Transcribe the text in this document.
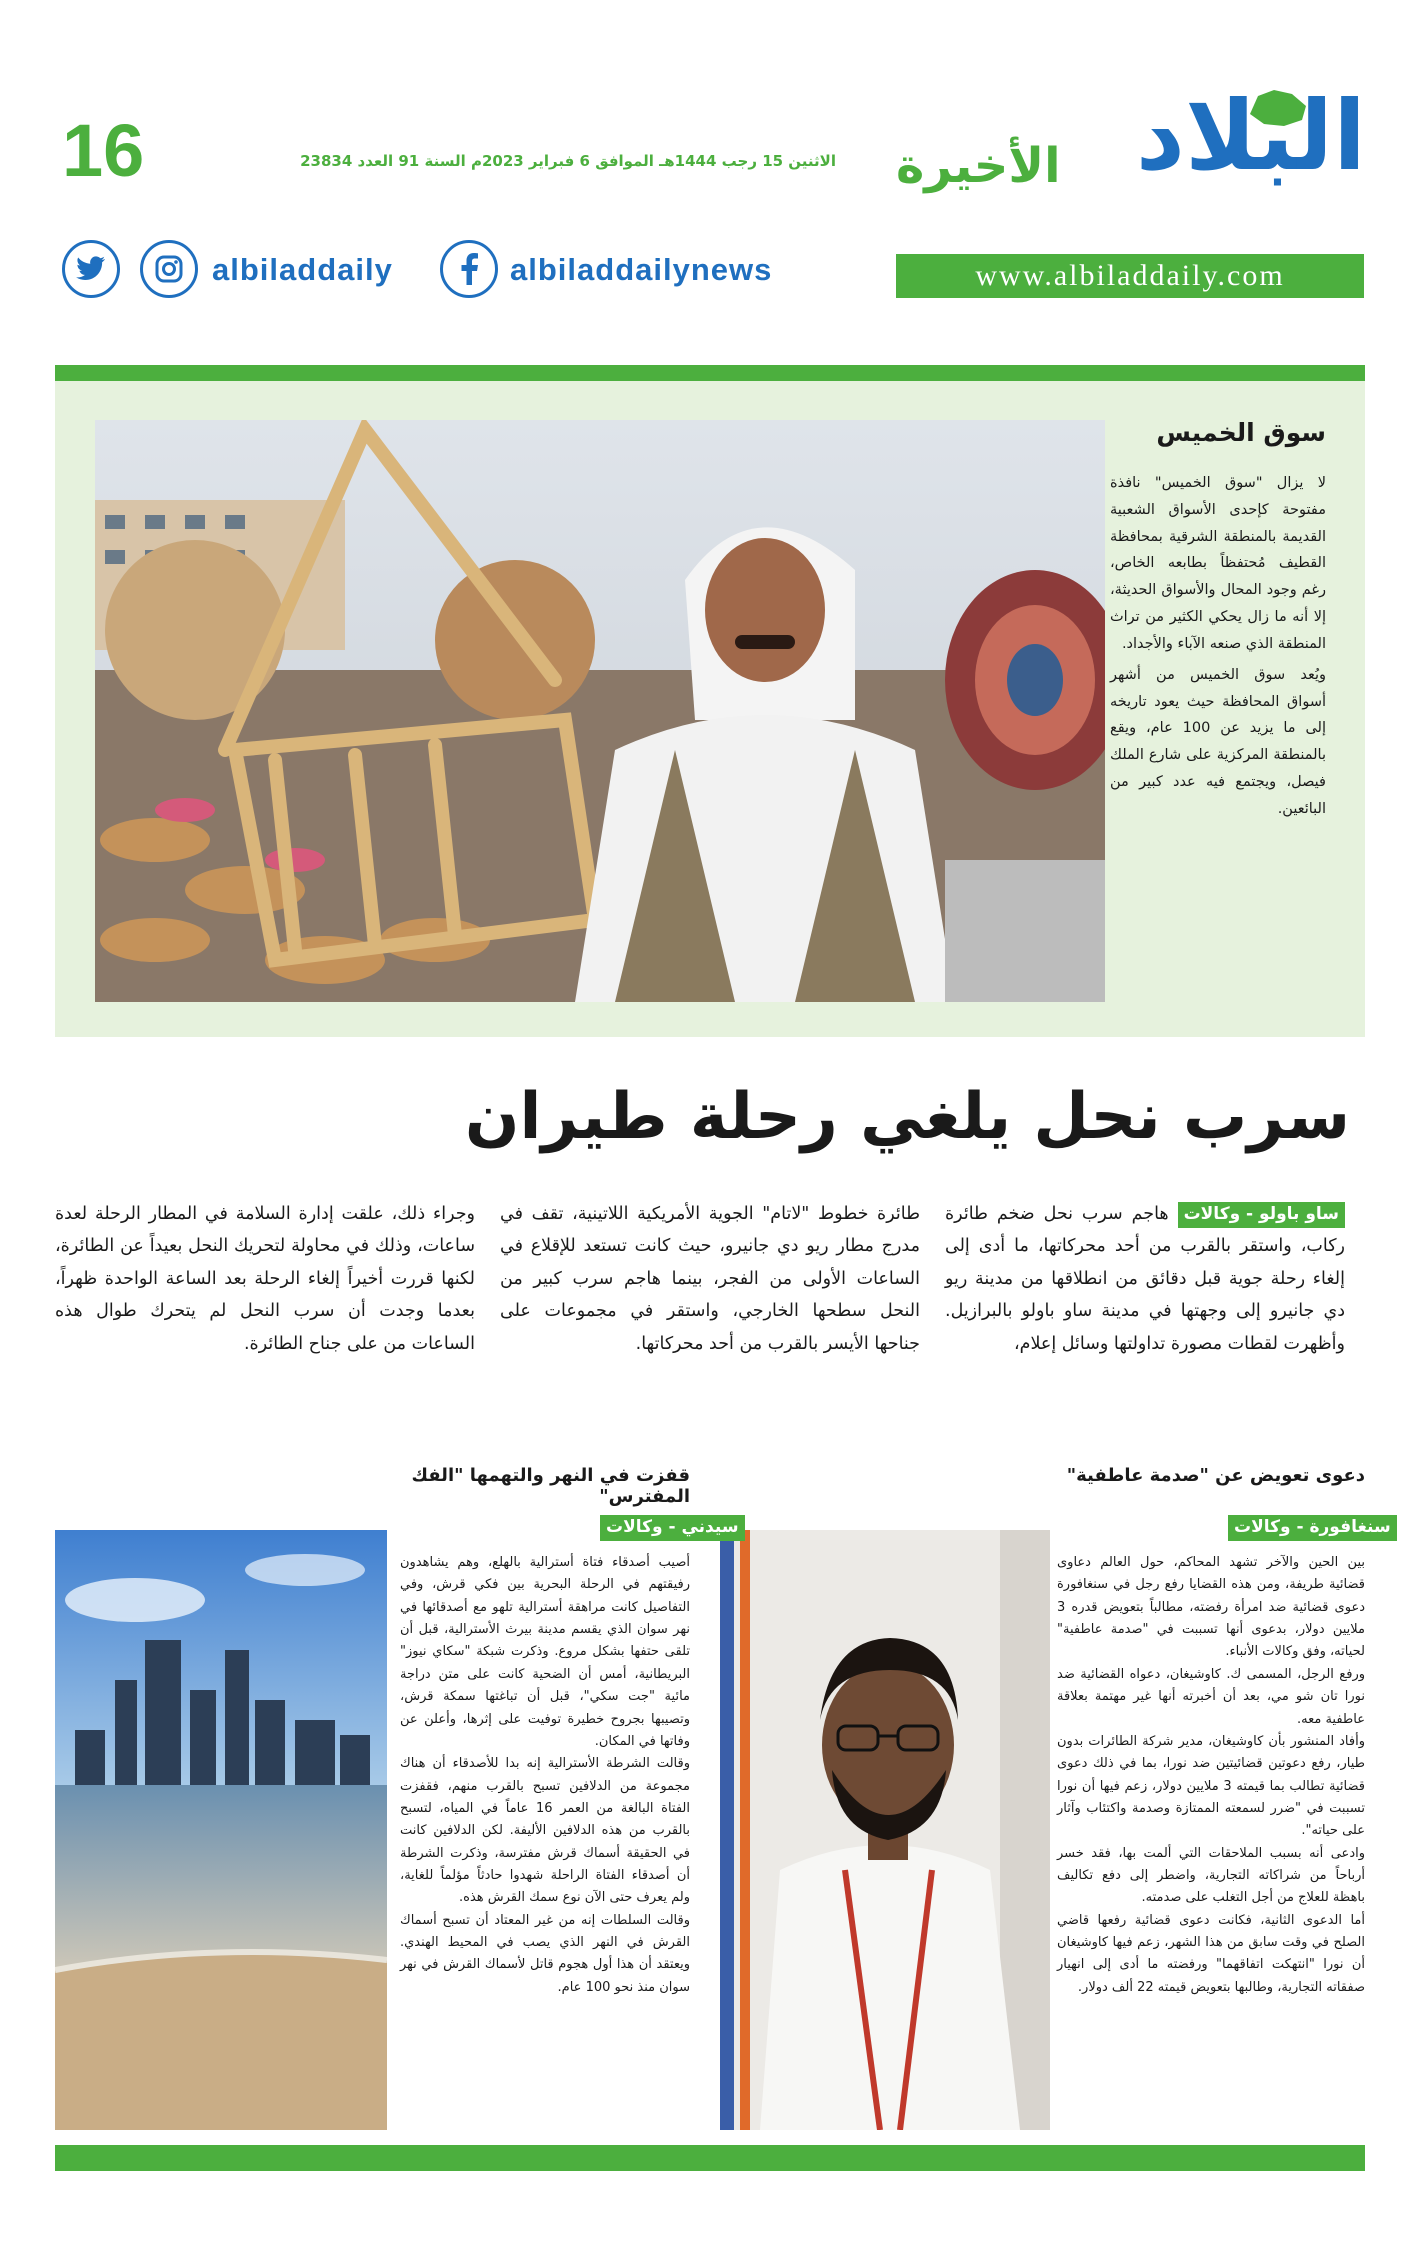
16	الاثنين 15 رجب 1444هـ الموافق 6 فبراير 2023م السنة 91 العدد 23834	البلاد
الأخيرة
www.albiladdaily.com
albiladdaily	albiladdailynews
سوق الخميس
لا يزال "سوق الخميس" نافذة مفتوحة كإحدى الأسواق الشعبية القديمة بالمنطقة الشرقية بمحافظة القطيف مُحتفظاً بطابعه الخاص، رغم وجود المحال والأسواق الحديثة، إلا أنه ما زال يحكي الكثير من تراث المنطقة الذي صنعه الآباء والأجداد.
ويُعد سوق الخميس من أشهر أسواق المحافظة حيث يعود تاريخه إلى ما يزيد عن 100 عام، ويقع بالمنطقة المركزية على شارع الملك فيصل، ويجتمع فيه عدد كبير من البائعين.
سرب نحل يلغي رحلة طيران
ساو باولو - وكالات هاجم سرب نحل ضخم طائرة ركاب، واستقر بالقرب من أحد محركاتها، ما أدى إلى إلغاء رحلة جوية قبل دقائق من انطلاقها من مدينة ريو دي جانيرو إلى وجهتها في مدينة ساو باولو بالبرازيل. وأظهرت لقطات مصورة تداولتها وسائل إعلام،
طائرة خطوط "لاتام" الجوية الأمريكية اللاتينية، تقف في مدرج مطار ريو دي جانيرو، حيث كانت تستعد للإقلاع في الساعات الأولى من الفجر، بينما هاجم سرب كبير من النحل سطحها الخارجي، واستقر في مجموعات على جناحها الأيسر بالقرب من أحد محركاتها.
وجراء ذلك، علقت إدارة السلامة في المطار الرحلة لعدة ساعات، وذلك في محاولة لتحريك النحل بعيداً عن الطائرة، لكنها قررت أخيراً إلغاء الرحلة بعد الساعة الواحدة ظهراً، بعدما وجدت أن سرب النحل لم يتحرك طوال هذه الساعات من على جناح الطائرة.
دعوى تعويض عن "صدمة عاطفية"
سنغافورة - وكالات
بين الحين والآخر تشهد المحاكم، حول العالم دعاوى قضائية طريفة، ومن هذه القضايا رفع رجل في سنغافورة دعوى قضائية ضد امرأة رفضته، مطالباً بتعويض قدره 3 ملايين دولار، بدعوى أنها تسببت في "صدمة عاطفية" لحياته، وفق وكالات الأنباء.
ورفع الرجل، المسمى ك. كاوشيغان، دعواه القضائية ضد نورا تان شو مي، بعد أن أخبرته أنها غير مهتمة بعلاقة عاطفية معه.
وأفاد المنشور بأن كاوشيغان، مدير شركة الطائرات بدون طيار، رفع دعوتين قضائيتين ضد نورا، بما في ذلك دعوى قضائية تطالب بما قيمته 3 ملايين دولار، زعم فيها أن نورا تسببت في "ضرر لسمعته الممتازة وصدمة واكتئاب وآثار على حياته".
وادعى أنه بسبب الملاحقات التي ألمت بها، فقد خسر أرباحاً من شراكاته التجارية، واضطر إلى دفع تكاليف باهظة للعلاج من أجل التغلب على صدمته.
أما الدعوى الثانية، فكانت دعوى قضائية رفعها قاضي الصلح في وقت سابق من هذا الشهر، زعم فيها كاوشيغان أن نورا "انتهكت اتفاقهما" ورفضته ما أدى إلى انهيار صفقاته التجارية، وطالبها بتعويض قيمته 22 ألف دولار.
قفزت في النهر والتهمها "الفك المفترس"
سيدني - وكالات
أصيب أصدقاء فتاة أسترالية بالهلع، وهم يشاهدون رفيقتهم في الرحلة البحرية بين فكي قرش، وفي التفاصيل كانت مراهقة أسترالية تلهو مع أصدقائها في نهر سوان الذي يقسم مدينة بيرث الأسترالية، قبل أن تلقى حتفها بشكل مروع. وذكرت شبكة "سكاي نيوز" البريطانية، أمس أن الضحية كانت على متن دراجة مائية "جت سكي"، قبل أن تباغتها سمكة قرش، وتصيبها بجروح خطيرة توفيت على إثرها، وأعلن عن وفاتها في المكان.
وقالت الشرطة الأسترالية إنه بدا للأصدقاء أن هناك مجموعة من الدلافين تسبح بالقرب منهم، فقفزت الفتاة البالغة من العمر 16 عاماً في المياه، لتسبح بالقرب من هذه الدلافين الأليفة. لكن الدلافين كانت في الحقيقة أسماك قرش مفترسة، وذكرت الشرطة أن أصدقاء الفتاة الراحلة شهدوا حادثاً مؤلماً للغاية، ولم يعرف حتى الآن نوع سمك القرش هذه.
وقالت السلطات إنه من غير المعتاد أن تسبح أسماك القرش في النهر الذي يصب في المحيط الهندي. ويعتقد أن هذا أول هجوم قاتل لأسماك القرش في نهر سوان منذ نحو 100 عام.
